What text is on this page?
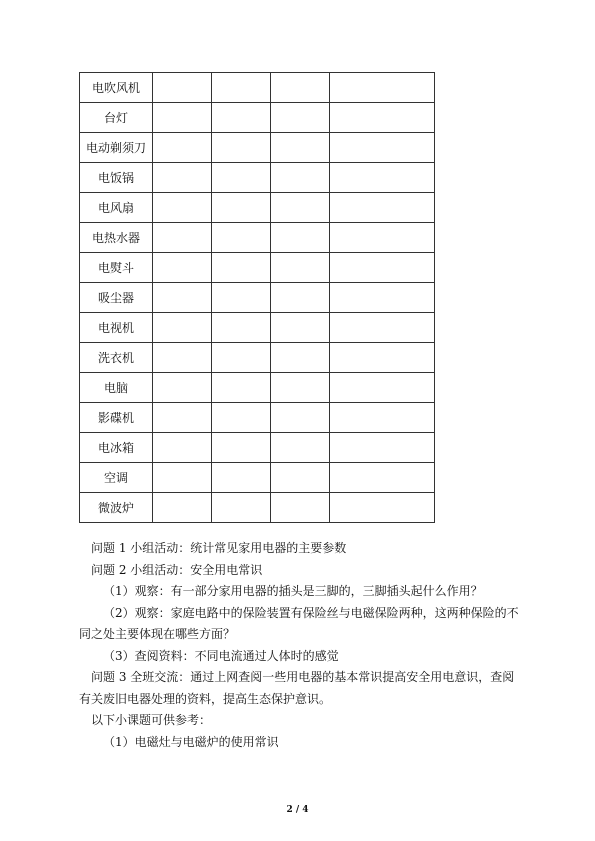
电吹风机				
台灯				
电动剃须刀				
电饭锅				
电风扇				
电热水器				
电熨斗				
吸尘器				
电视机				
洗衣机				
电脑				
影碟机				
电冰箱				
空调				
微波炉				

问题 1 小组活动：统计常见家用电器的主要参数

问题 2 小组活动：安全用电常识

（1）观察：有一部分家用电器的插头是三脚的，三脚插头起什么作用？

（2）观察：家庭电路中的保险装置有保险丝与电磁保险两种，这两种保险的不同之处主要体现在哪些方面？

（3）查阅资料：不同电流通过人体时的感觉

问题 3 全班交流：通过上网查阅一些用电器的基本常识提高安全用电意识，查阅有关废旧电器处理的资料，提高生态保护意识。

以下小课题可供参考：

（1）电磁灶与电磁炉的使用常识

2 / 4
